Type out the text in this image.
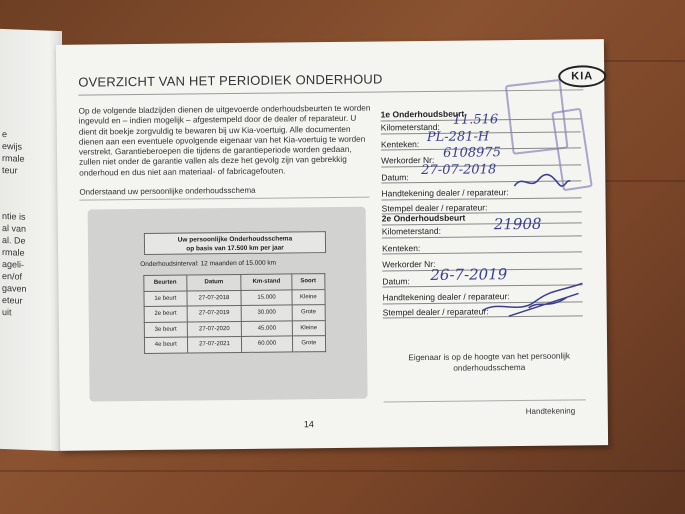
e
ewijs
rmale
teur
ntie is
al van
al. De
rmale
ageli-
en/of
gaven
eteur
uit
OVERZICHT VAN HET PERIODIEK ONDERHOUD	KIA
Op de volgende bladzijden dienen de uitgevoerde onderhoudsbeurten te worden ingevuld en – indien mogelijk – afgestempeld door de dealer of reparateur. U dient dit boekje zorgvuldig te bewaren bij uw Kia-voertuig. Alle documenten dienen aan een eventuele opvolgende eigenaar van het Kia-voertuig te worden verstrekt. Garantieberoepen die tijdens de garantieperiode worden gedaan, zullen niet onder de garantie vallen als deze het gevolg zijn van gebrekkig onderhoud en dus niet aan materiaal- of fabricagefouten.
Onderstaand uw persoonlijke onderhoudsschema
Uw persoonlijke Onderhoudsschema
op basis van 17.500 km per jaar
Onderhoudsinterval: 12 maanden of 15.000 km
Beurten	Datum	Km-stand	Soort
1e beurt	27-07-2018	15.000	Kleine
2e beurt	27-07-2019	30.000	Grote
3e beurt	27-07-2020	45.000	Kleine
4e beurt	27-07-2021	60.000	Grote
1e Onderhoudsbeurt
Kilometerstand: 11.516
Kenteken: PL-281-H
Werkorder Nr: 6108975
Datum: 27-07-2018
Handtekening dealer / reparateur:
Stempel dealer / reparateur:
2e Onderhoudsbeurt
Kilometerstand:	21908
Kenteken:
Werkorder Nr:
Datum: 26-7-2019
Handtekening dealer / reparateur:
Stempel dealer / reparateur:
Eigenaar is op de hoogte van het persoonlijk onderhoudsschema
Handtekening
14
